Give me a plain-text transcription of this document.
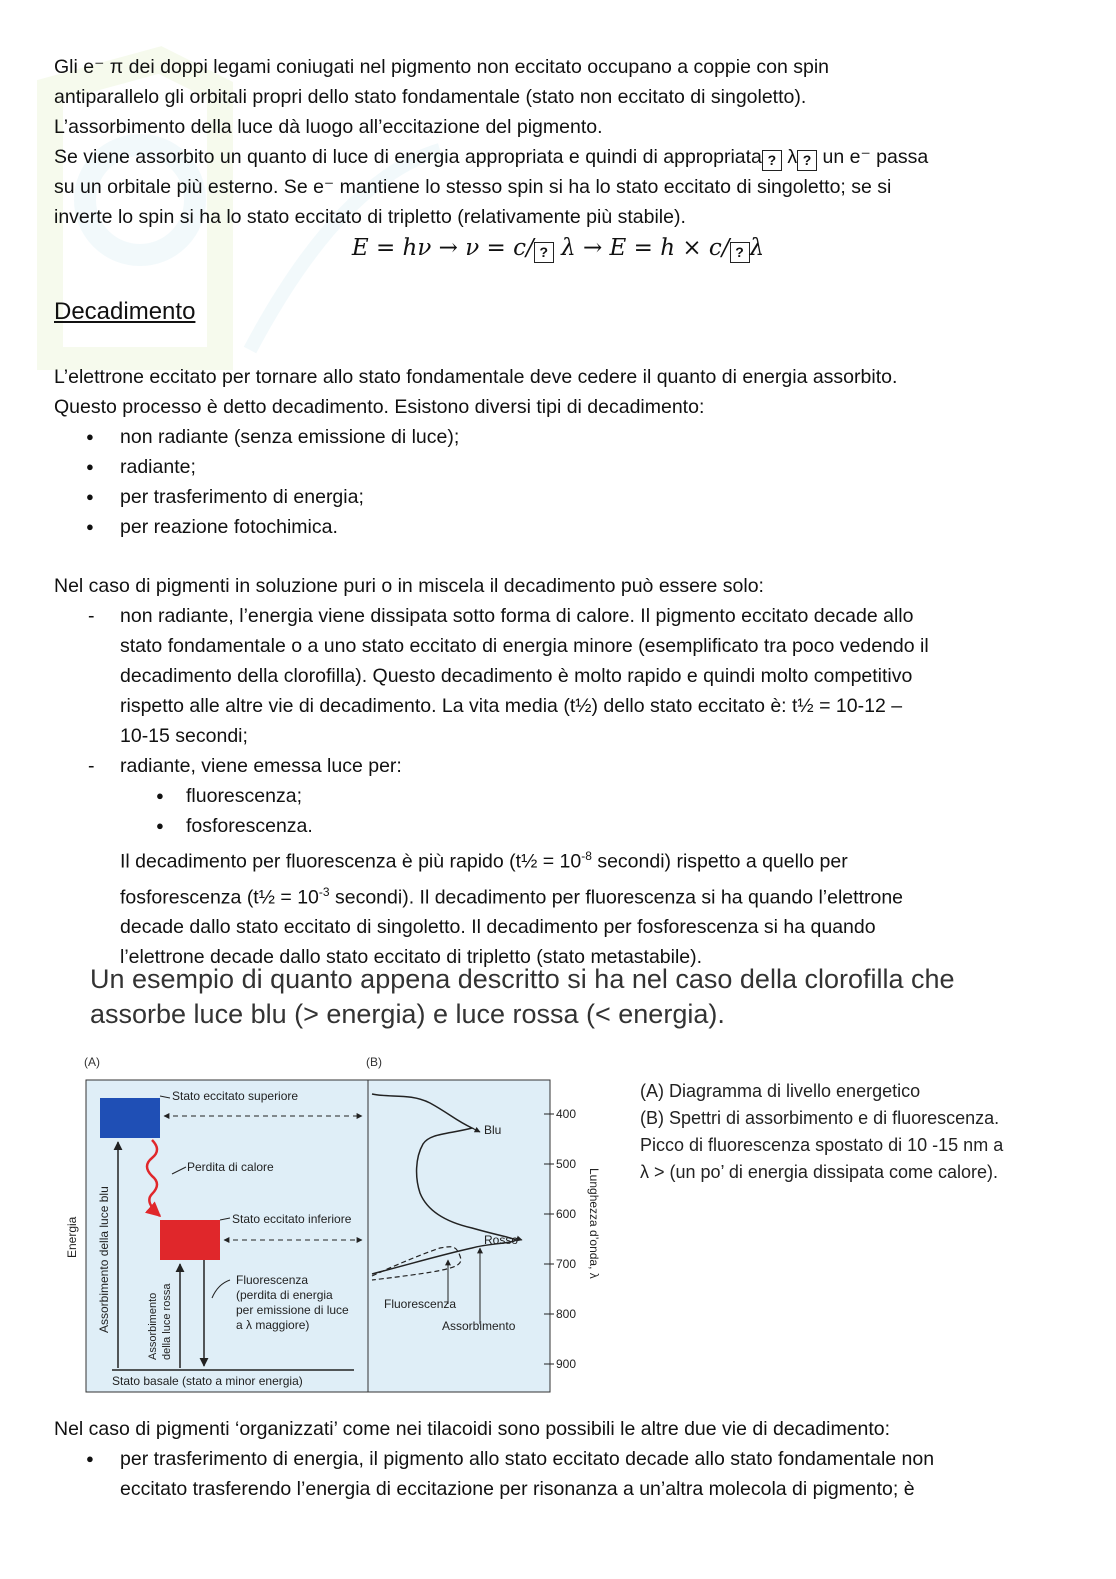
Gli e⁻ π dei doppi legami coniugati nel pigmento non eccitato occupano a coppie con spin

antiparallelo gli orbitali propri dello stato fondamentale (stato non eccitato di singoletto).

L’assorbimento della luce dà luogo all’eccitazione del pigmento.

Se viene assorbito un quanto di luce di energia appropriata e quindi di appropriata ? λ ? un e⁻ passa

su un orbitale più esterno. Se e⁻ mantiene lo stesso spin si ha lo stato eccitato di singoletto; se si

inverte lo spin si ha lo stato eccitato di tripletto (relativamente più stabile).

E = hν → ν = c/ ? λ → E = h × c/ ? λ
Decadimento

L’elettrone eccitato per tornare allo stato fondamentale deve cedere il quanto di energia assorbito.

Questo processo è detto decadimento. Esistono diversi tipi di decadimento:

● non radiante (senza emissione di luce);
● radiante;
● per trasferimento di energia;
● per reazione fotochimica.

Nel caso di pigmenti in soluzione puri o in miscela il decadimento può essere solo:

- non radiante, l’energia viene dissipata sotto forma di calore. Il pigmento eccitato decade allo
stato fondamentale o a uno stato eccitato di energia minore (esemplificato tra poco vedendo il
decadimento della clorofilla). Questo decadimento è molto rapido e quindi molto competitivo
rispetto alle altre vie di decadimento. La vita media (t½) dello stato eccitato è: t½ = 10-12 –
10-15 secondi;
- radiante, viene emessa luce per:
● fluorescenza;
● fosforescenza.

Il decadimento per fluorescenza è più rapido (t½ = $10^{-8}$ secondi) rispetto a quello per
fosforescenza (t½ = $10^{-3}$ secondi). Il decadimento per fluorescenza si ha quando l’elettrone
decade dallo stato eccitato di singoletto. Il decadimento per fosforescenza si ha quando
l’elettrone decade dallo stato eccitato di tripletto (stato metastabile).

Un esempio di quanto appena descritto si ha nel caso della clorofilla che
assorbe luce blu (> energia) e luce rossa (< energia).
(A)	(B)
Stato basale (stato a minor energia)
Stato eccitato superiore
Perdita di calore
Stato eccitato inferiore
Energia Assorbimento della luce blu	Assorbimento della luce rossa
Fluorescenza
(perdita di energia
per emissione di luce
a λ maggiore)
Blu
Rosso
Fluorescenza
Assorbimento
400
500
600
700
800
900
Lunghezza d’onda, λ
(A) Diagramma di livello energetico
(B) Spettri di assorbimento e di fluorescenza.
Picco di fluorescenza spostato di 10 -15 nm a
λ > (un po’ di energia dissipata come calore).

Nel caso di pigmenti ‘organizzati’ come nei tilacoidi sono possibili le altre due vie di decadimento:

● per trasferimento di energia, il pigmento allo stato eccitato decade allo stato fondamentale non
eccitato trasferendo l’energia di eccitazione per risonanza a un’altra molecola di pigmento; è
